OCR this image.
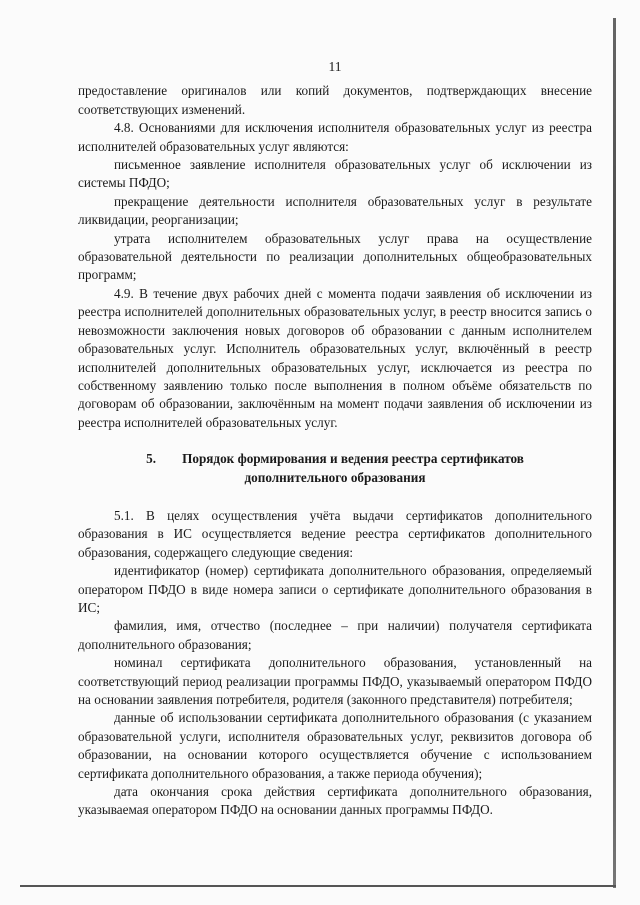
11

предоставление оригиналов или копий документов, подтверждающих внесение соответствующих изменений.

4.8. Основаниями для исключения исполнителя образовательных услуг из реестра исполнителей образовательных услуг являются:

письменное заявление исполнителя образовательных услуг об исключении из системы ПФДО;

прекращение деятельности исполнителя образовательных услуг в результате ликвидации, реорганизации;

утрата исполнителем образовательных услуг права на осуществление образовательной деятельности по реализации дополнительных общеобразовательных программ;

4.9. В течение двух рабочих дней с момента подачи заявления об исключении из реестра исполнителей дополнительных образовательных услуг, в реестр вносится запись о невозможности заключения новых договоров об образовании с данным исполнителем образовательных услуг. Исполнитель образовательных услуг, включённый в реестр исполнителей дополнительных образовательных услуг, исключается из реестра по собственному заявлению только после выполнения в полном объёме обязательств по договорам об образовании, заключённым на момент подачи заявления об исключении из реестра исполнителей образовательных услуг.

5. Порядок формирования и ведения реестра сертификатов
дополнительного образования

5.1. В целях осуществления учёта выдачи сертификатов дополнительного образования в ИС осуществляется ведение реестра сертификатов дополнительного образования, содержащего следующие сведения:

идентификатор (номер) сертификата дополнительного образования, определяемый оператором ПФДО в виде номера записи о сертификате дополнительного образования в ИС;

фамилия, имя, отчество (последнее – при наличии) получателя сертификата дополнительного образования;

номинал сертификата дополнительного образования, установленный на соответствующий период реализации программы ПФДО, указываемый оператором ПФДО на основании заявления потребителя, родителя (законного представителя) потребителя;

данные об использовании сертификата дополнительного образования (с указанием образовательной услуги, исполнителя образовательных услуг, реквизитов договора об образовании, на основании которого осуществляется обучение с использованием сертификата дополнительного образования, а также периода обучения);

дата окончания срока действия сертификата дополнительного образования, указываемая оператором ПФДО на основании данных программы ПФДО.
